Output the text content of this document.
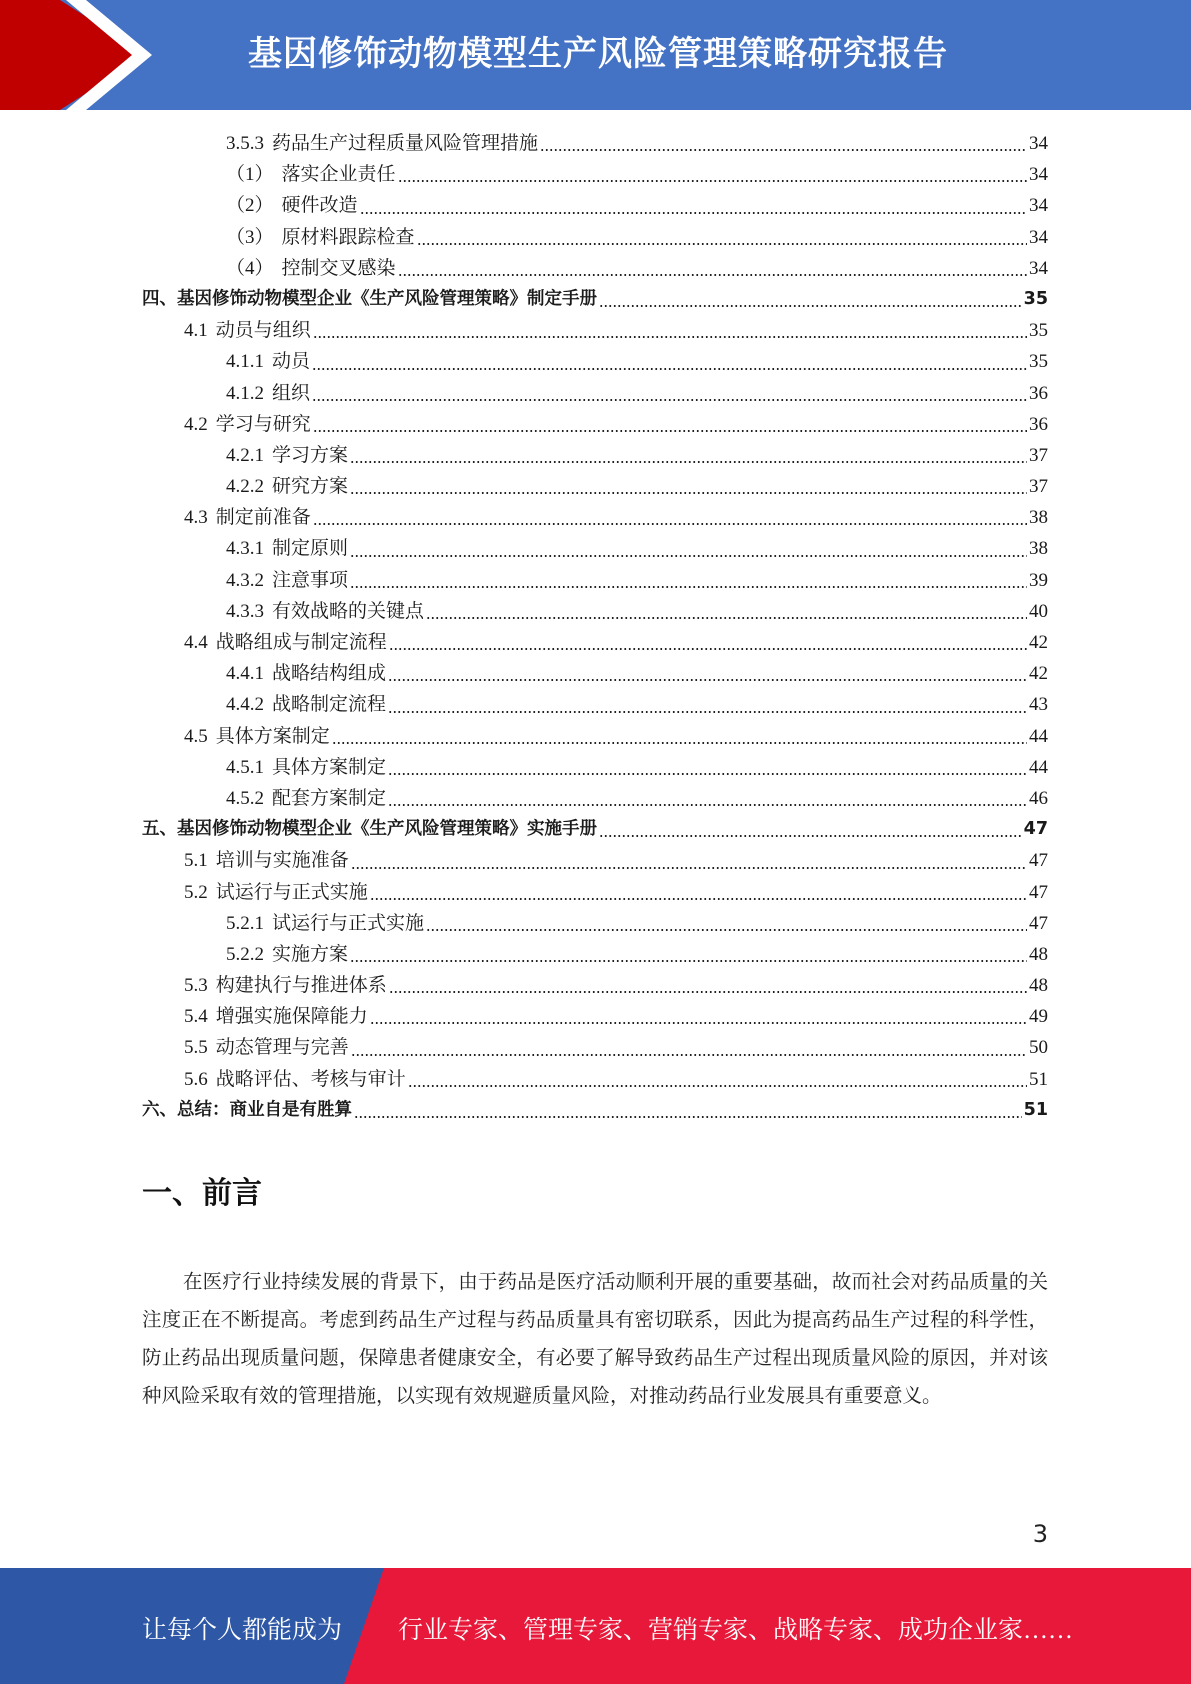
基因修饰动物模型生产风险管理策略研究报告
3.5.3 药品生产过程质量风险管理措施	34
（1） 落实企业责任	34
（2） 硬件改造	34
（3） 原材料跟踪检查	34
（4） 控制交叉感染	34
四、基因修饰动物模型企业《生产风险管理策略》制定手册	35
4.1 动员与组织	35
4.1.1 动员	35
4.1.2 组织	36
4.2 学习与研究	36
4.2.1 学习方案	37
4.2.2 研究方案	37
4.3 制定前准备	38
4.3.1 制定原则	38
4.3.2 注意事项	39
4.3.3 有效战略的关键点	40
4.4 战略组成与制定流程	42
4.4.1 战略结构组成	42
4.4.2 战略制定流程	43
4.5 具体方案制定	44
4.5.1 具体方案制定	44
4.5.2 配套方案制定	46
五、基因修饰动物模型企业《生产风险管理策略》实施手册	47
5.1 培训与实施准备	47
5.2 试运行与正式实施	47
5.2.1 试运行与正式实施	47
5.2.2 实施方案	48
5.3 构建执行与推进体系	48
5.4 增强实施保障能力	49
5.5 动态管理与完善	50
5.6 战略评估、考核与审计	51
六、总结：商业自是有胜算	51
一、前言
在医疗行业持续发展的背景下，由于药品是医疗活动顺利开展的重要基础，故而社会对药品质量的关注度正在不断提高。考虑到药品生产过程与药品质量具有密切联系，因此为提高药品生产过程的科学性，防止药品出现质量问题，保障患者健康安全，有必要了解导致药品生产过程出现质量风险的原因，并对该种风险采取有效的管理措施，以实现有效规避质量风险，对推动药品行业发展具有重要意义。
3
让每个人都能成为 行业专家、管理专家、营销专家、战略专家、成功企业家……
